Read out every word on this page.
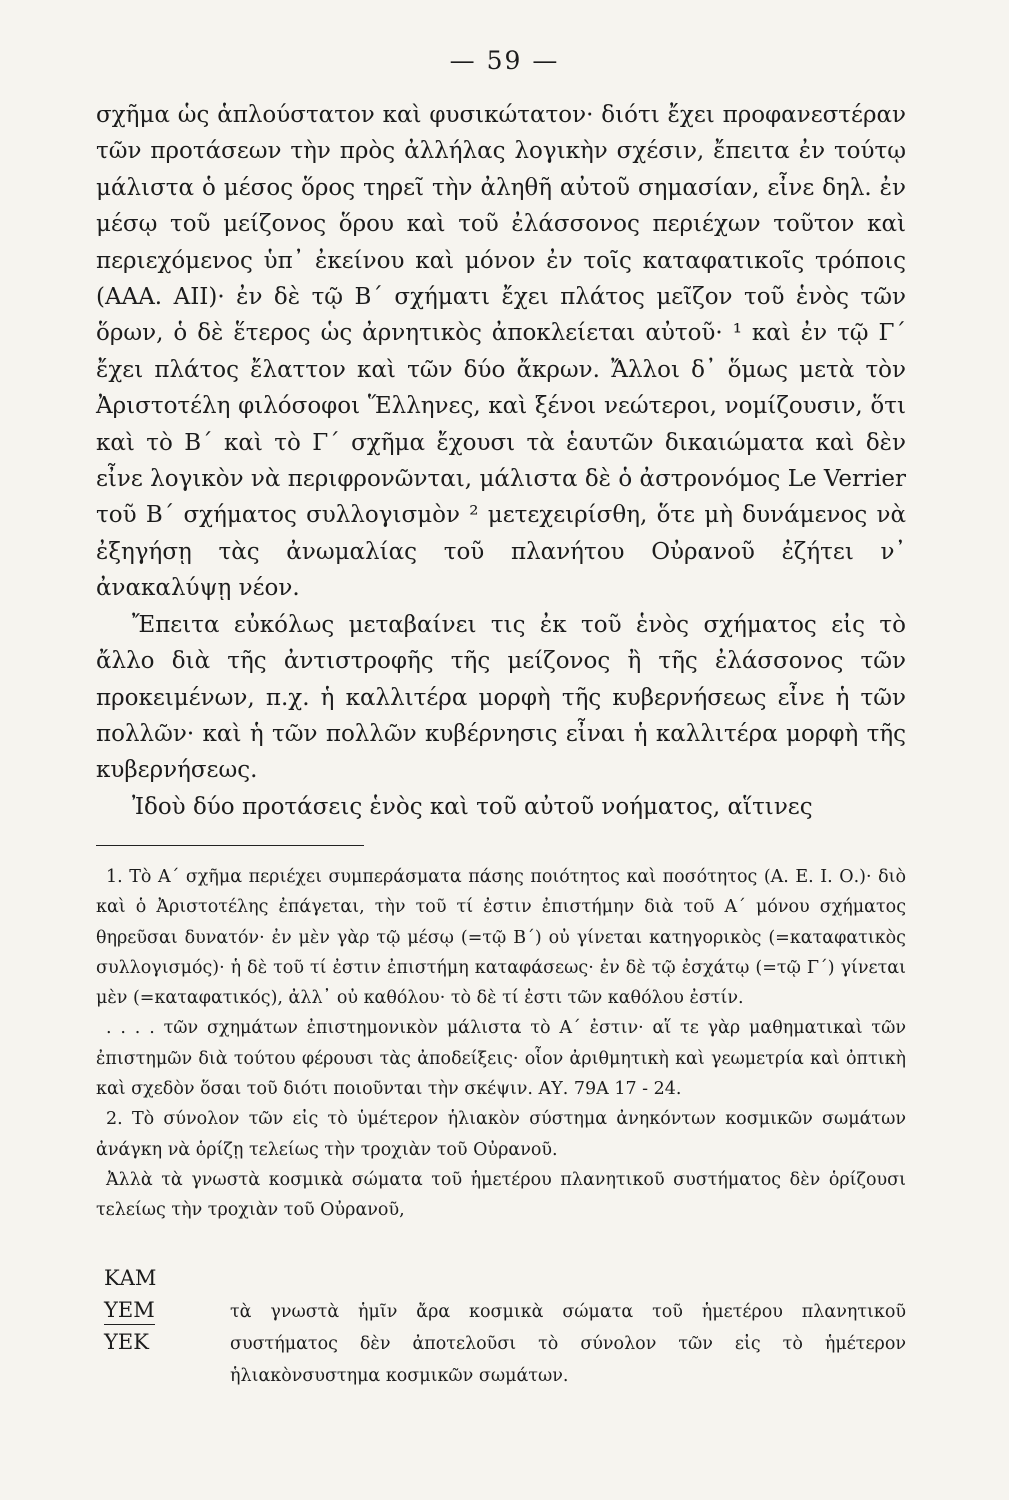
— 59 —

σχῆμα ὡς ἁπλούστατον καὶ φυσικώτατον· διότι ἔχει προφανεστέραν τῶν προτάσεων τὴν πρὸς ἀλλήλας λογικὴν σχέσιν, ἔπειτα ἐν τούτῳ μάλιστα ὁ μέσος ὅρος τηρεῖ τὴν ἀληθῆ αὐτοῦ σημασίαν, εἶνε δηλ. ἐν μέσῳ τοῦ μείζονος ὅρου καὶ τοῦ ἐλάσσονος περιέχων τοῦτον καὶ περιεχόμενος ὑπ᾽ ἐκείνου καὶ μόνον ἐν τοῖς καταφατικοῖς τρόποις (ΑΑΑ. ΑΙΙ)· ἐν δὲ τῷ Β΄ σχήματι ἔχει πλάτος μεῖζον τοῦ ἑνὸς τῶν ὅρων, ὁ δὲ ἕτερος ὡς ἀρνητικὸς ἀποκλείεται αὐτοῦ· ¹ καὶ ἐν τῷ Γ΄ ἔχει πλάτος ἔλαττον καὶ τῶν δύο ἄκρων. Ἄλλοι δ᾽ ὅμως μετὰ τὸν Ἀριστοτέλη φιλόσοφοι Ἕλληνες, καὶ ξένοι νεώτεροι, νομίζουσιν, ὅτι καὶ τὸ Β΄ καὶ τὸ Γ΄ σχῆμα ἔχουσι τὰ ἑαυτῶν δικαιώματα καὶ δὲν εἶνε λογικὸν νὰ περιφρονῶνται, μάλιστα δὲ ὁ ἀστρονόμος Le Verrier τοῦ Β΄ σχήματος συλλογισμὸν ² μετεχειρίσθη, ὅτε μὴ δυνάμενος νὰ ἐξηγήσῃ τὰς ἀνωμαλίας τοῦ πλανήτου Οὐρανοῦ ἐζήτει ν᾽ ἀνακαλύψῃ νέον.

Ἔπειτα εὐκόλως μεταβαίνει τις ἐκ τοῦ ἑνὸς σχήματος εἰς τὸ ἄλλο διὰ τῆς ἀντιστροφῆς τῆς μείζονος ἢ τῆς ἐλάσσονος τῶν προκειμένων, π.χ. ἡ καλλιτέρα μορφὴ τῆς κυβερνήσεως εἶνε ἡ τῶν πολλῶν· καὶ ἡ τῶν πολλῶν κυβέρνησις εἶναι ἡ καλλιτέρα μορφὴ τῆς κυβερνήσεως.

Ἰδοὺ δύο προτάσεις ἑνὸς καὶ τοῦ αὐτοῦ νοήματος, αἵτινες

1. Τὸ Α΄ σχῆμα περιέχει συμπεράσματα πάσης ποιότητος καὶ ποσότητος (Α. Ε. Ι. Ο.)· διὸ καὶ ὁ Ἀριστοτέλης ἐπάγεται, τὴν τοῦ τί ἐστιν ἐπιστήμην διὰ τοῦ Α΄ μόνου σχήματος θηρεῦσαι δυνατόν· ἐν μὲν γὰρ τῷ μέσῳ (=τῷ Β΄) οὐ γίνεται κατηγορικὸς (=καταφατικὸς συλλογισμός)· ἡ δὲ τοῦ τί ἐστιν ἐπιστήμη καταφάσεως· ἐν δὲ τῷ ἐσχάτῳ (=τῷ Γ΄) γίνεται μὲν (=καταφατικός), ἀλλ᾽ οὐ καθόλου· τὸ δὲ τί ἐστι τῶν καθόλου ἐστίν.

. . . . τῶν σχημάτων ἐπιστημονικὸν μάλιστα τὸ Α΄ ἐστιν· αἵ τε γὰρ μαθηματικαὶ τῶν ἐπιστημῶν διὰ τούτου φέρουσι τὰς ἀποδείξεις· οἷον ἀριθμητικὴ καὶ γεωμετρία καὶ ὀπτικὴ καὶ σχεδὸν ὅσαι τοῦ διότι ποιοῦνται τὴν σκέψιν. ΑΥ. 79Α 17 - 24.

2. Τὸ σύνολον τῶν εἰς τὸ ὑμέτερον ἡλιακὸν σύστημα ἀνηκόντων κοσμικῶν σωμάτων ἀνάγκη νὰ ὁρίζῃ τελείως τὴν τροχιὰν τοῦ Οὐρανοῦ.

Ἀλλὰ τὰ γνωστὰ κοσμικὰ σώματα τοῦ ἡμετέρου πλανητικοῦ συστήματος δὲν ὁρίζουσι τελείως τὴν τροχιὰν τοῦ Οὐρανοῦ,

ΚΑΜ
ΥΕΜ
ΥΕΚ
τὰ γνωστὰ ἡμῖν ἄρα κοσμικὰ σώματα τοῦ ἡμετέρου πλανητικοῦ συστήματος δὲν ἀποτελοῦσι τὸ σύνολον τῶν εἰς τὸ ἡμέτερον ἡλιακὸνσυστημα κοσμικῶν σωμάτων.
